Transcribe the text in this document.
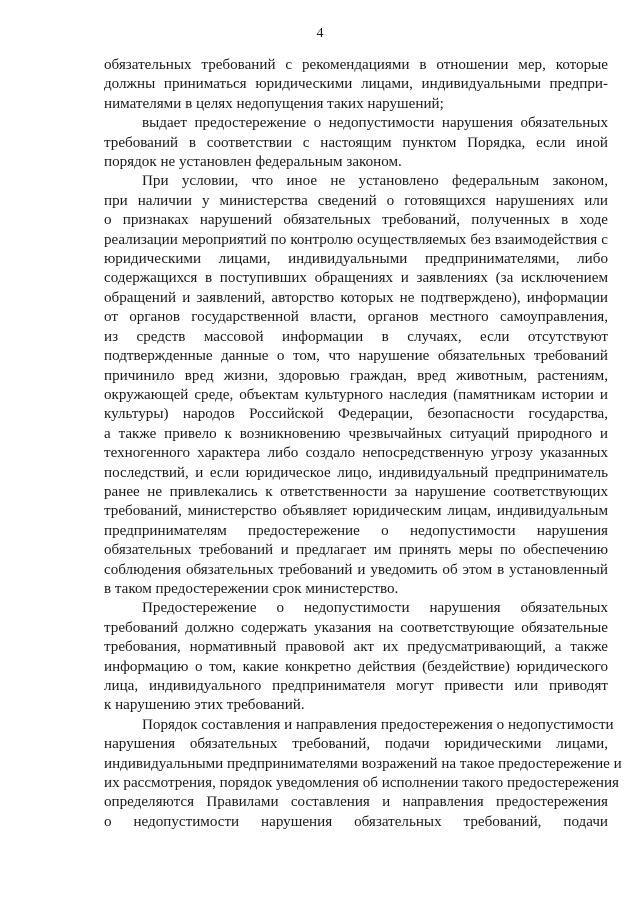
4
обязательных требований с рекомендациями в отношении мер, которые
должны приниматься юридическими лицами, индивидуальными предпри-
нимателями в целях недопущения таких нарушений;
выдает предостережение о недопустимости нарушения обязательных
требований в соответствии с настоящим пунктом Порядка, если иной
порядок не установлен федеральным законом.
При условии, что иное не установлено федеральным законом,
при наличии у министерства сведений о готовящихся нарушениях или
о признаках нарушений обязательных требований, полученных в ходе
реализации мероприятий по контролю осуществляемых без взаимодействия с
юридическими лицами, индивидуальными предпринимателями, либо
содержащихся в поступивших обращениях и заявлениях (за исключением
обращений и заявлений, авторство которых не подтверждено), информации
от органов государственной власти, органов местного самоуправления,
из средств массовой информации в случаях, если отсутствуют
подтвержденные данные о том, что нарушение обязательных требований
причинило вред жизни, здоровью граждан, вред животным, растениям,
окружающей среде, объектам культурного наследия (памятникам истории и
культуры) народов Российской Федерации, безопасности государства,
а также привело к возникновению чрезвычайных ситуаций природного и
техногенного характера либо создало непосредственную угрозу указанных
последствий, и если юридическое лицо, индивидуальный предприниматель
ранее не привлекались к ответственности за нарушение соответствующих
требований, министерство объявляет юридическим лицам, индивидуальным
предпринимателям предостережение о недопустимости нарушения
обязательных требований и предлагает им принять меры по обеспечению
соблюдения обязательных требований и уведомить об этом в установленный
в таком предостережении срок министерство.
Предостережение о недопустимости нарушения обязательных
требований должно содержать указания на соответствующие обязательные
требования, нормативный правовой акт их предусматривающий, а также
информацию о том, какие конкретно действия (бездействие) юридического
лица, индивидуального предпринимателя могут привести или приводят
к нарушению этих требований.
Порядок составления и направления предостережения о недопустимости
нарушения обязательных требований, подачи юридическими лицами,
индивидуальными предпринимателями возражений на такое предостережение и
их рассмотрения, порядок уведомления об исполнении такого предостережения
определяются Правилами составления и направления предостережения
о недопустимости нарушения обязательных требований, подачи
